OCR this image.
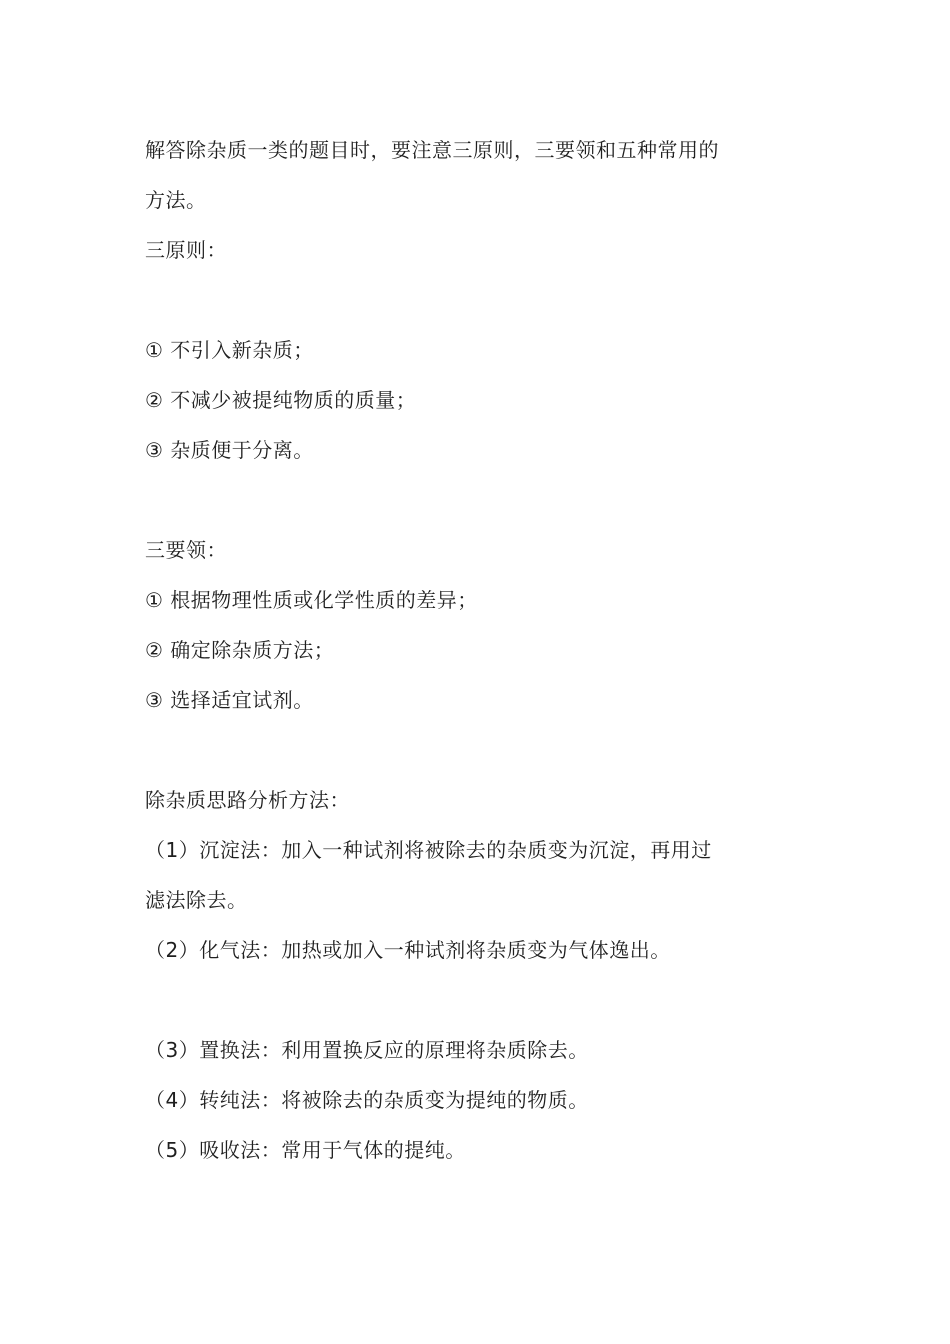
解答除杂质一类的题目时，要注意三原则，三要领和五种常用的
方法。
三原则：
① 不引入新杂质；
② 不减少被提纯物质的质量；
③ 杂质便于分离。
三要领：
① 根据物理性质或化学性质的差异；
② 确定除杂质方法；
③ 选择适宜试剂。
除杂质思路分析方法：
（1）沉淀法：加入一种试剂将被除去的杂质变为沉淀，再用过
滤法除去。
（2）化气法：加热或加入一种试剂将杂质变为气体逸出。
（3）置换法：利用置换反应的原理将杂质除去。
（4）转纯法：将被除去的杂质变为提纯的物质。
（5）吸收法：常用于气体的提纯。
